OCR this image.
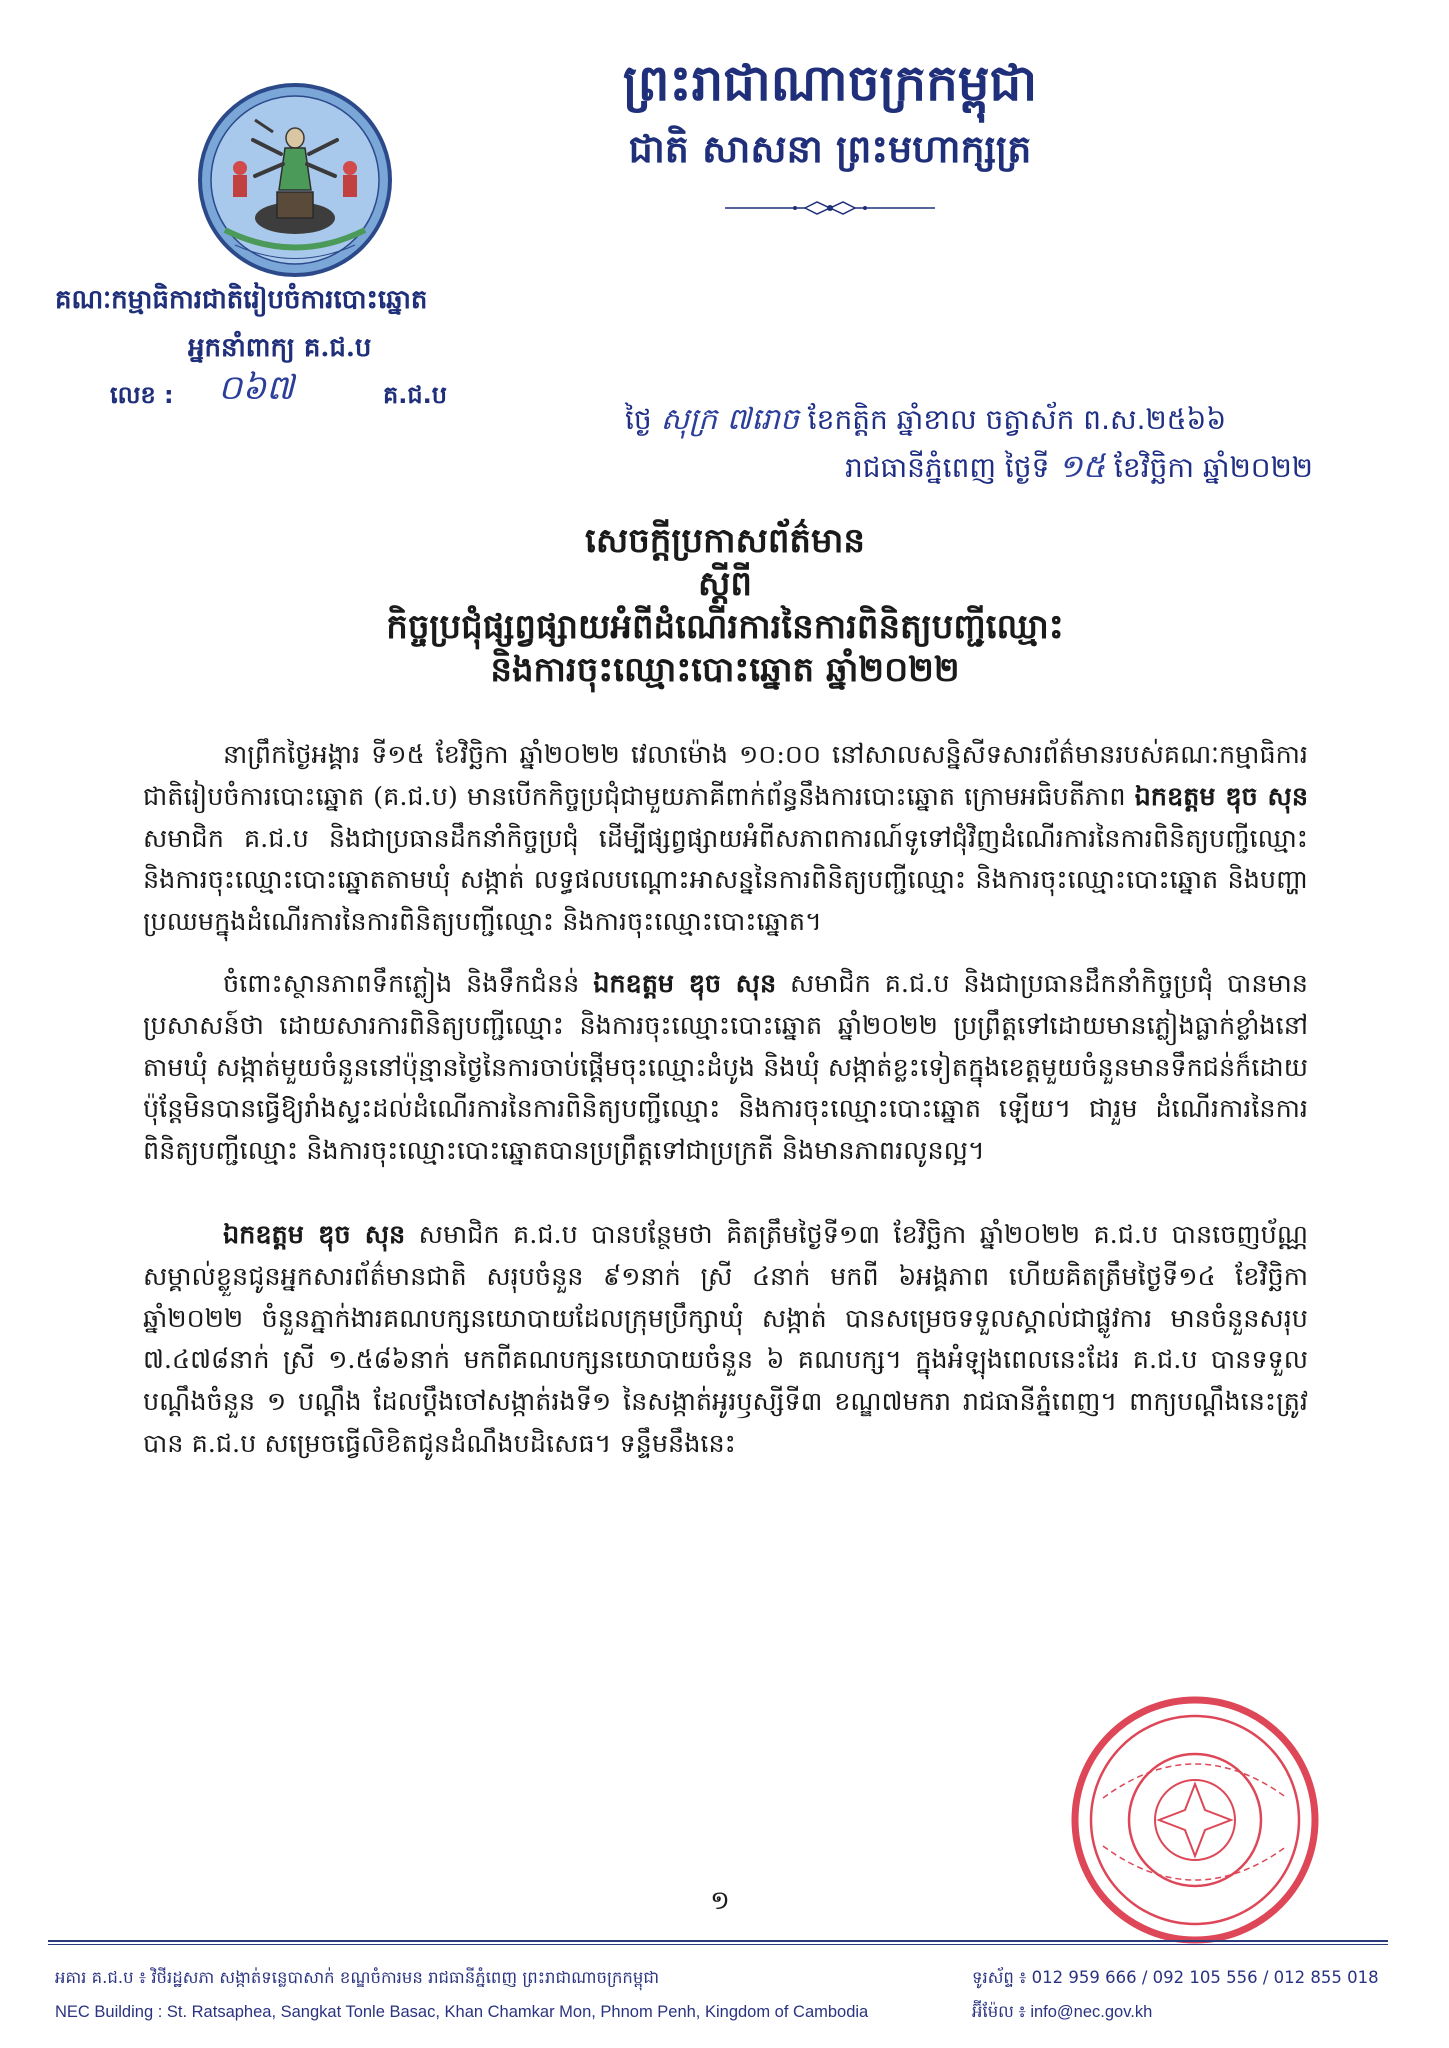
ព្រះរាជាណាចក្រកម្ពុជា
ជាតិ សាសនា ព្រះមហាក្សត្រ
គណៈកម្មាធិការជាតិរៀបចំការបោះឆ្នោត
អ្នកនាំពាក្យ គ.ជ.ប
លេខ : ០៦៧	គ.ជ.ប
ថ្ងៃ សុក្រ ៧រោច ខែកត្តិក ឆ្នាំខាល ចត្វាស័ក ព.ស.២៥៦៦
រាជធានីភ្នំពេញ ថ្ងៃទី ១៥ ខែវិច្ឆិកា ឆ្នាំ២០២២
សេចក្តីប្រកាសព័ត៌មាន
ស្តីពី
កិច្ចប្រជុំផ្សព្វផ្សាយអំពីដំណើរការនៃការពិនិត្យបញ្ជីឈ្មោះ
និងការចុះឈ្មោះបោះឆ្នោត ឆ្នាំ២០២២

នាព្រឹកថ្ងៃអង្គារ ទី១៥ ខែវិច្ឆិកា ឆ្នាំ២០២២ វេលាម៉ោង ១០:០០ នៅសាលសន្និសីទសារព័ត៌មានរបស់គណៈកម្មាធិការជាតិរៀបចំការបោះឆ្នោត (គ.ជ.ប) មានបើកកិច្ចប្រជុំជាមួយភាគីពាក់ព័ន្ធនឹងការបោះឆ្នោត ក្រោមអធិបតីភាព ឯកឧត្តម ឌុច សុន សមាជិក គ.ជ.ប និងជាប្រធានដឹកនាំកិច្ចប្រជុំ ដើម្បីផ្សព្វផ្សាយអំពីសភាពការណ៍ទូទៅជុំវិញដំណើរការនៃការពិនិត្យបញ្ជីឈ្មោះ និងការចុះឈ្មោះបោះឆ្នោតតាមឃុំ សង្កាត់ លទ្ធផលបណ្តោះអាសន្ននៃការពិនិត្យបញ្ជីឈ្មោះ និងការចុះឈ្មោះបោះឆ្នោត និងបញ្ហាប្រឈមក្នុងដំណើរការនៃការពិនិត្យបញ្ជីឈ្មោះ និងការចុះឈ្មោះបោះឆ្នោត។

ចំពោះស្ថានភាពទឹកភ្លៀង និងទឹកជំនន់ ឯកឧត្តម ឌុច សុន សមាជិក គ.ជ.ប និងជាប្រធានដឹកនាំកិច្ចប្រជុំ បានមានប្រសាសន៍ថា ដោយសារការពិនិត្យបញ្ជីឈ្មោះ និងការចុះឈ្មោះបោះឆ្នោត ឆ្នាំ២០២២ ប្រព្រឹត្តទៅដោយមានភ្លៀងធ្លាក់ខ្លាំងនៅតាមឃុំ សង្កាត់មួយចំនួននៅប៉ុន្មានថ្ងៃនៃការចាប់ផ្តើមចុះឈ្មោះដំបូង និងឃុំ សង្កាត់ខ្លះទៀតក្នុងខេត្តមួយចំនួនមានទឹកជន់ក៏ដោយ ប៉ុន្តែមិនបានធ្វើឱ្យរាំងស្ទះដល់ដំណើរការនៃការពិនិត្យបញ្ជីឈ្មោះ និងការចុះឈ្មោះបោះឆ្នោត ឡើយ។ ជារួម ដំណើរការនៃការពិនិត្យបញ្ជីឈ្មោះ និងការចុះឈ្មោះបោះឆ្នោតបានប្រព្រឹត្តទៅជាប្រក្រតី និងមានភាពរលូនល្អ។

ឯកឧត្តម ឌុច សុន សមាជិក គ.ជ.ប បានបន្ថែមថា គិតត្រឹមថ្ងៃទី១៣ ខែវិច្ឆិកា ឆ្នាំ២០២២ គ.ជ.ប បានចេញប័ណ្ណសម្គាល់ខ្លួនជូនអ្នកសារព័ត៌មានជាតិ សរុបចំនួន ៩១នាក់ ស្រី ៤នាក់ មកពី ៦អង្គភាព ហើយគិតត្រឹមថ្ងៃទី១៤ ខែវិច្ឆិកា ឆ្នាំ២០២២ ចំនួនភ្នាក់ងារគណបក្សនយោបាយដែលក្រុមប្រឹក្សាឃុំ សង្កាត់ បានសម្រេចទទួលស្គាល់ជាផ្លូវការ មានចំនួនសរុប ៧.៤៧៨នាក់ ស្រី ១.៥៨៦នាក់ មកពីគណបក្សនយោបាយចំនួន ៦ គណបក្ស។ ក្នុងអំឡុងពេលនេះដែរ គ.ជ.ប បានទទួលបណ្តឹងចំនួន ១ បណ្តឹង ដែលប្តឹងចៅសង្កាត់រងទី១ នៃសង្កាត់អូរឫស្សីទី៣ ខណ្ឌ៧មករា រាជធានីភ្នំពេញ។ ពាក្យបណ្តឹងនេះត្រូវបាន គ.ជ.ប សម្រេចធ្វើលិខិតជូនដំណឹងបដិសេធ។ ទន្ទឹមនឹងនេះ

១
អគារ គ.ជ.ប ៖ វិថីរដ្ឋសភា សង្កាត់ទន្លេបាសាក់ ខណ្ឌចំការមន រាជធានីភ្នំពេញ ព្រះរាជាណាចក្រកម្ពុជា	ទូរស័ព្ទ ៖ 012 959 666 / 092 105 556 / 012 855 018
NEC Building : St. Ratsaphea, Sangkat Tonle Basac, Khan Chamkar Mon, Phnom Penh, Kingdom of Cambodia	អ៊ីម៉ែល ៖ info@nec.gov.kh
